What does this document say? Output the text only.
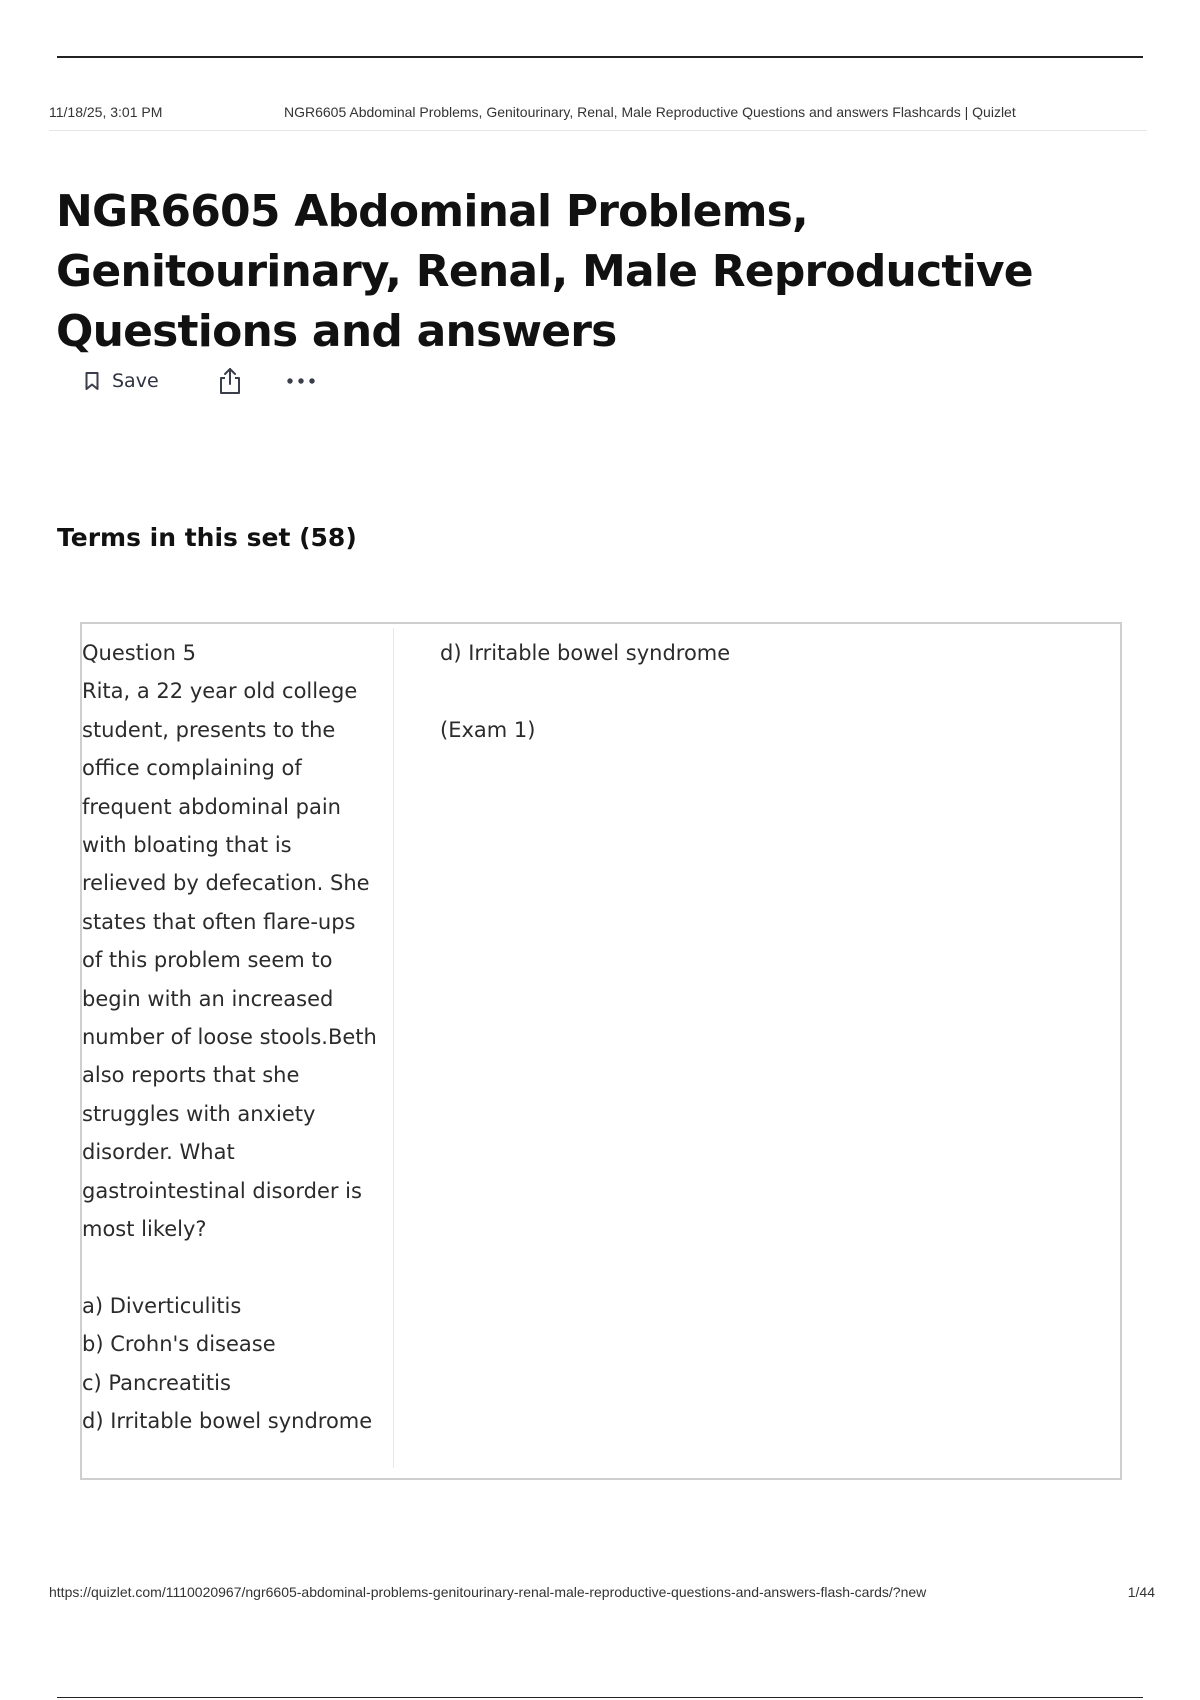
11/18/25, 3:01 PM	NGR6605 Abdominal Problems, Genitourinary, Renal, Male Reproductive Questions and answers Flashcards | Quizlet
NGR6605 Abdominal Problems, Genitourinary, Renal, Male Reproductive Questions and answers
Save
Terms in this set (58)
Question 5
Rita, a 22 year old college student, presents to the office complaining of frequent abdominal pain with bloating that is relieved by defecation. She states that often flare-ups of this problem seem to begin with an increased number of loose stools.Beth also reports that she struggles with anxiety disorder. What gastrointestinal disorder is most likely?

a) Diverticulitis
b) Crohn's disease
c) Pancreatitis
d) Irritable bowel syndrome
d) Irritable bowel syndrome

(Exam 1)
https://quizlet.com/1110020967/ngr6605-abdominal-problems-genitourinary-renal-male-reproductive-questions-and-answers-flash-cards/?new	1/44
